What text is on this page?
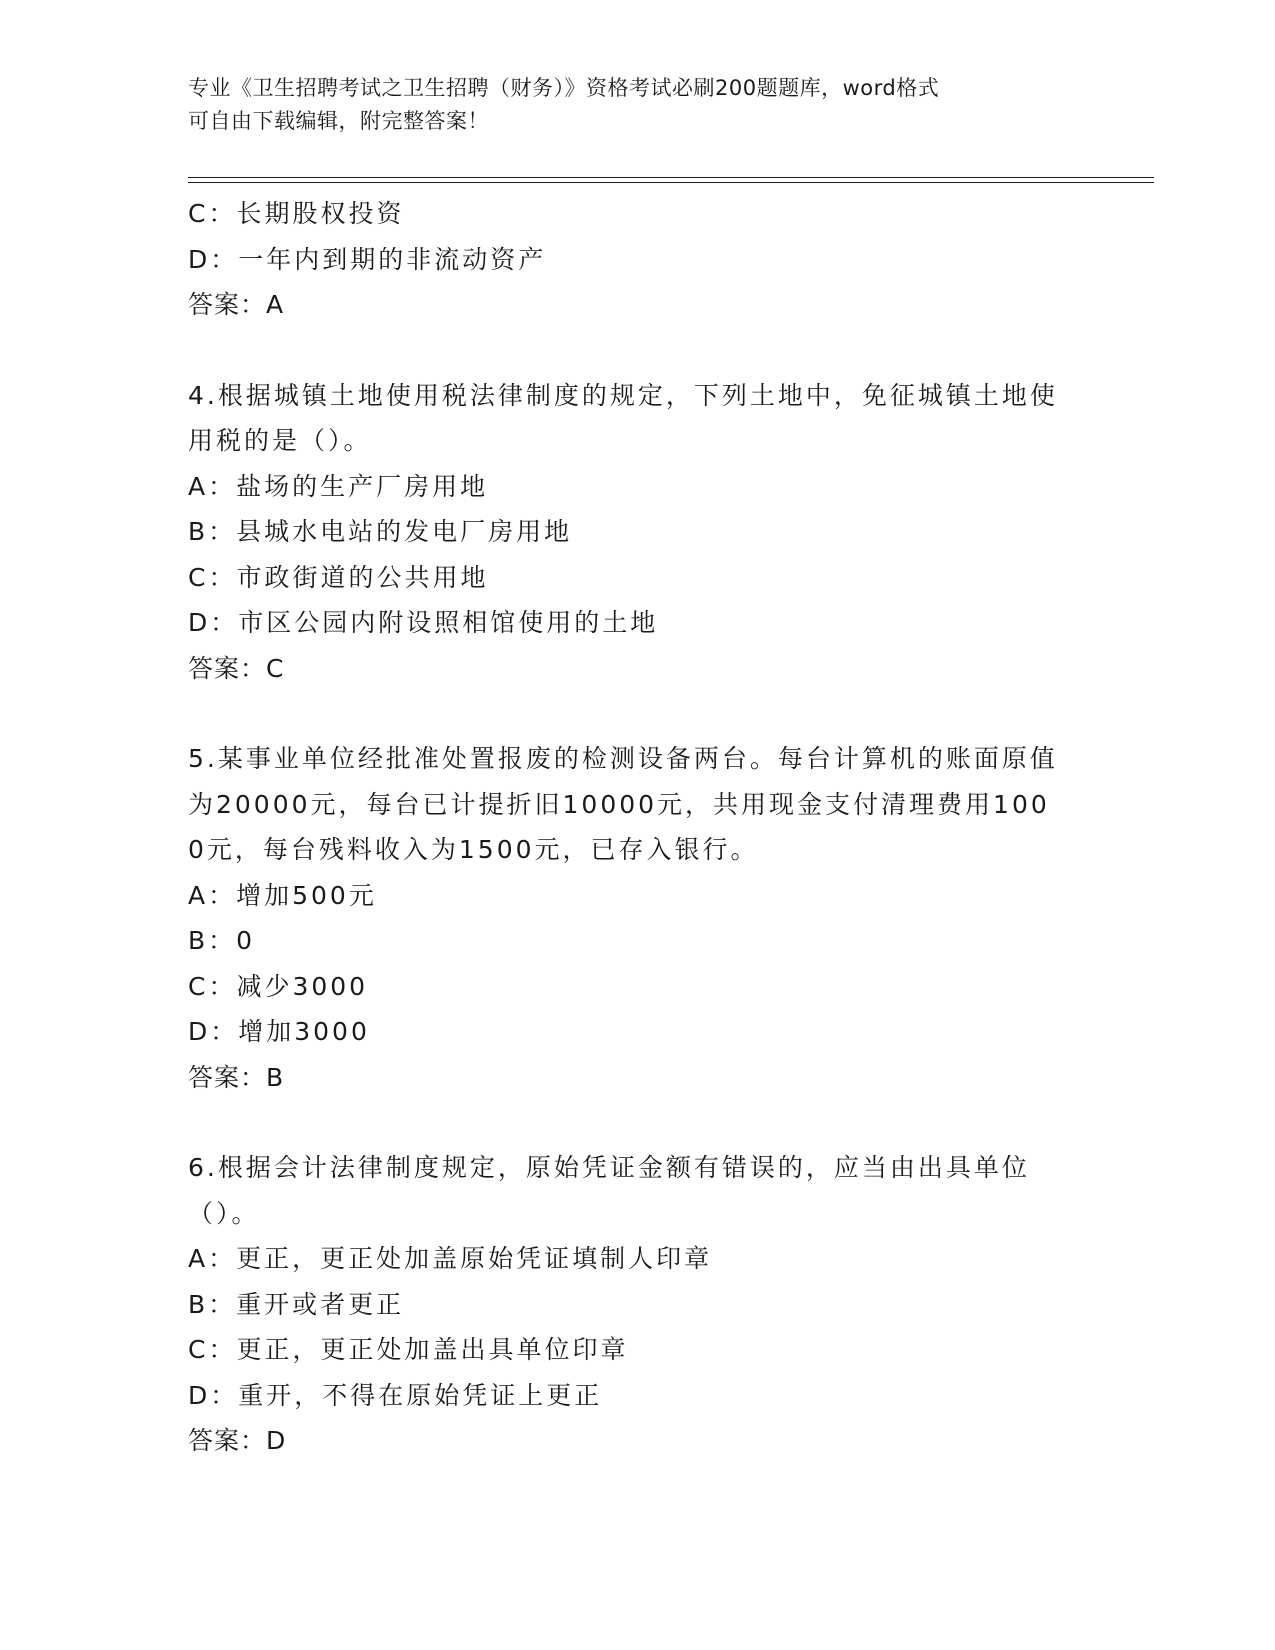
专业《卫生招聘考试之卫生招聘（财务）》资格考试必刷200题题库，word格式
可自由下载编辑，附完整答案！
C：长期股权投资
D：一年内到期的非流动资产
答案：A
4.根据城镇土地使用税法律制度的规定，下列土地中，免征城镇土地使用税的是（）。
A：盐场的生产厂房用地
B：县城水电站的发电厂房用地
C：市政街道的公共用地
D：市区公园内附设照相馆使用的土地
答案：C
5.某事业单位经批准处置报废的检测设备两台。每台计算机的账面原值为20000元，每台已计提折旧10000元，共用现金支付清理费用1000元，每台残料收入为1500元，已存入银行。
A：增加500元
B：0
C：减少3000
D：增加3000
答案：B
6.根据会计法律制度规定，原始凭证金额有错误的，应当由出具单位（）。
A：更正，更正处加盖原始凭证填制人印章
B：重开或者更正
C：更正，更正处加盖出具单位印章
D：重开，不得在原始凭证上更正
答案：D
